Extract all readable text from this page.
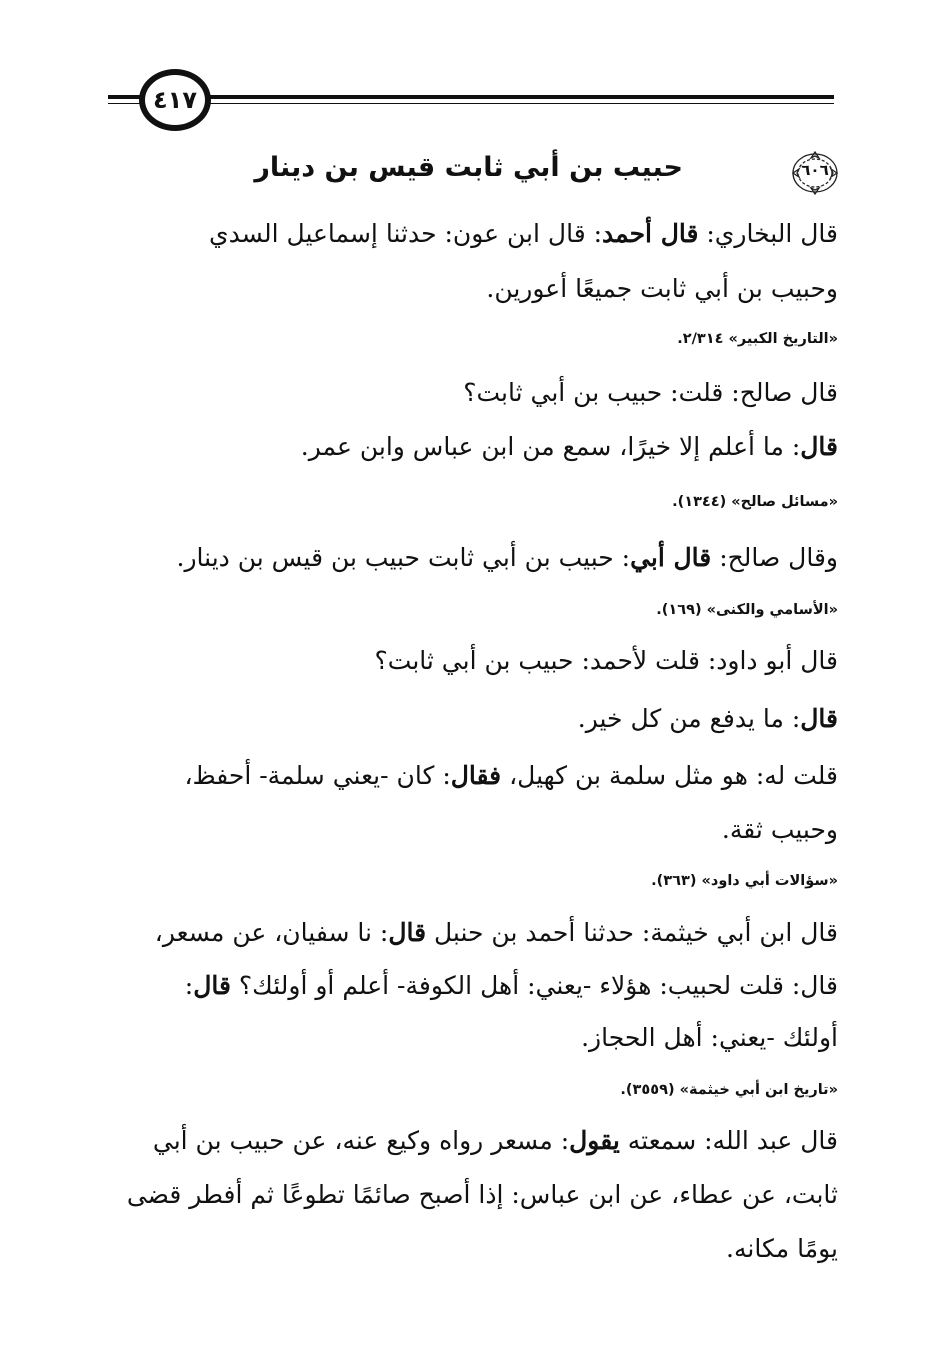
٤١٧
٦٠٦
حبيب بن أبي ثابت قيس بن دينار
قال البخاري: قال أحمد: قال ابن عون: حدثنا إسماعيل السدي
وحبيب بن أبي ثابت جميعًا أعورين.
«التاريخ الكبير» ٢/٣١٤.
قال صالح: قلت: حبيب بن أبي ثابت؟
قال: ما أعلم إلا خيرًا، سمع من ابن عباس وابن عمر.
«مسائل صالح» (١٣٤٤).
وقال صالح: قال أبي: حبيب بن أبي ثابت حبيب بن قيس بن دينار.
«الأسامي والكنى» (١٦٩).
قال أبو داود: قلت لأحمد: حبيب بن أبي ثابت؟
قال: ما يدفع من كل خير.
قلت له: هو مثل سلمة بن كهيل، فقال: كان -يعني سلمة- أحفظ،
وحبيب ثقة.
«سؤالات أبي داود» (٣٦٣).
قال ابن أبي خيثمة: حدثنا أحمد بن حنبل قال: نا سفيان، عن مسعر،
قال: قلت لحبيب: هؤلاء -يعني: أهل الكوفة- أعلم أو أولئك؟ قال:
أولئك -يعني: أهل الحجاز.
«تاريخ ابن أبي خيثمة» (٣٥٥٩).
قال عبد الله: سمعته يقول: مسعر رواه وكيع عنه، عن حبيب بن أبي
ثابت، عن عطاء، عن ابن عباس: إذا أصبح صائمًا تطوعًا ثم أفطر قضى
يومًا مكانه.
